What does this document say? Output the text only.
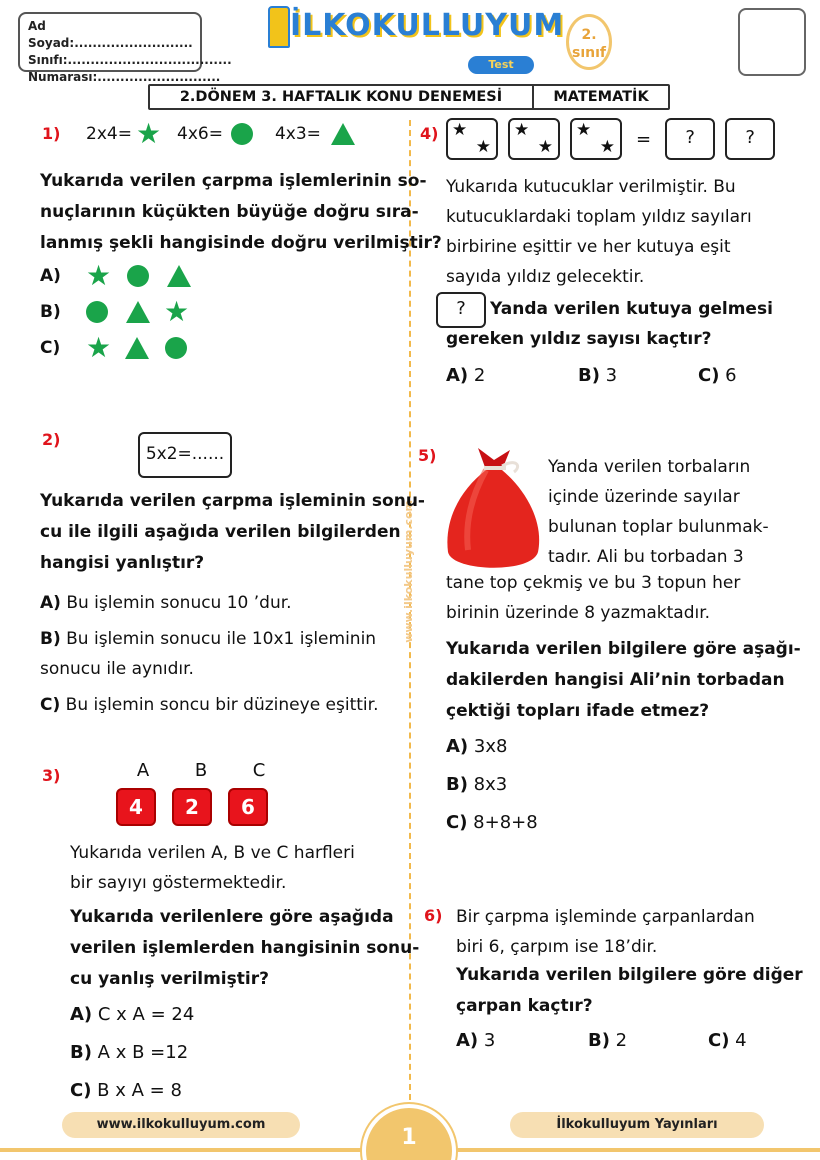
Ad Soyad:..........................
Sınıfı:....................................
Numarası:...........................
İLKOKULLUYUM
Test
2.
sınıf
2.DÖNEM 3. HAFTALIK KONU DENEMESİ	MATEMATİK
www.ilkokulluyum.com
1) 2x4= ★ 4x6=	4x3=
Yukarıda verilen çarpma işlemlerinin so-
nuçlarının küçükten büyüğe doğru sıra-
lanmış şekli hangisinde doğru verilmiştir?
A) ★
B)	★
C) ★
2)
5x2=......
Yukarıda verilen çarpma işleminin sonu-
cu ile ilgili aşağıda verilen bilgilerden
hangisi yanlıştır?
A) Bu işlemin sonucu 10 ’dur.
B) Bu işlemin sonucu ile 10x1 işleminin
sonucu ile aynıdır.
C) Bu işlemin soncu bir düzineye eşittir.
3)	A	B	C
4	2	6
Yukarıda verilen A, B ve C harfleri
bir sayıyı göstermektedir.
Yukarıda verilenlere göre aşağıda
verilen işlemlerden hangisinin sonu-
cu yanlış verilmiştir?
A) C x A = 24
B) A x B =12
C) B x A = 8
4) ★
★
★
★
★
★ =	?	?
Yukarıda kutucuklar verilmiştir. Bu
kutucuklardaki toplam yıldız sayıları
birbirine eşittir ve her kutuya eşit
sayıda yıldız gelecektir.
?	Yanda verilen kutuya gelmesi
gereken yıldız sayısı kaçtır?
A) 2	B) 3	C) 6
5)
Yanda verilen torbaların
içinde üzerinde sayılar
bulunan toplar bulunmak-
tadır. Ali bu torbadan 3
tane top çekmiş ve bu 3 topun her
birinin üzerinde 8 yazmaktadır.
Yukarıda verilen bilgilere göre aşağı-
dakilerden hangisi Ali’nin torbadan
çektiği topları ifade etmez?
A) 3x8
B) 8x3
C) 8+8+8
6) Bir çarpma işleminde çarpanlardan
biri 6, çarpım ise 18’dir.
Yukarıda verilen bilgilere göre diğer
çarpan kaçtır?
A) 3	B) 2	C) 4
www.ilkokulluyum.com
1
İlkokulluyum Yayınları
